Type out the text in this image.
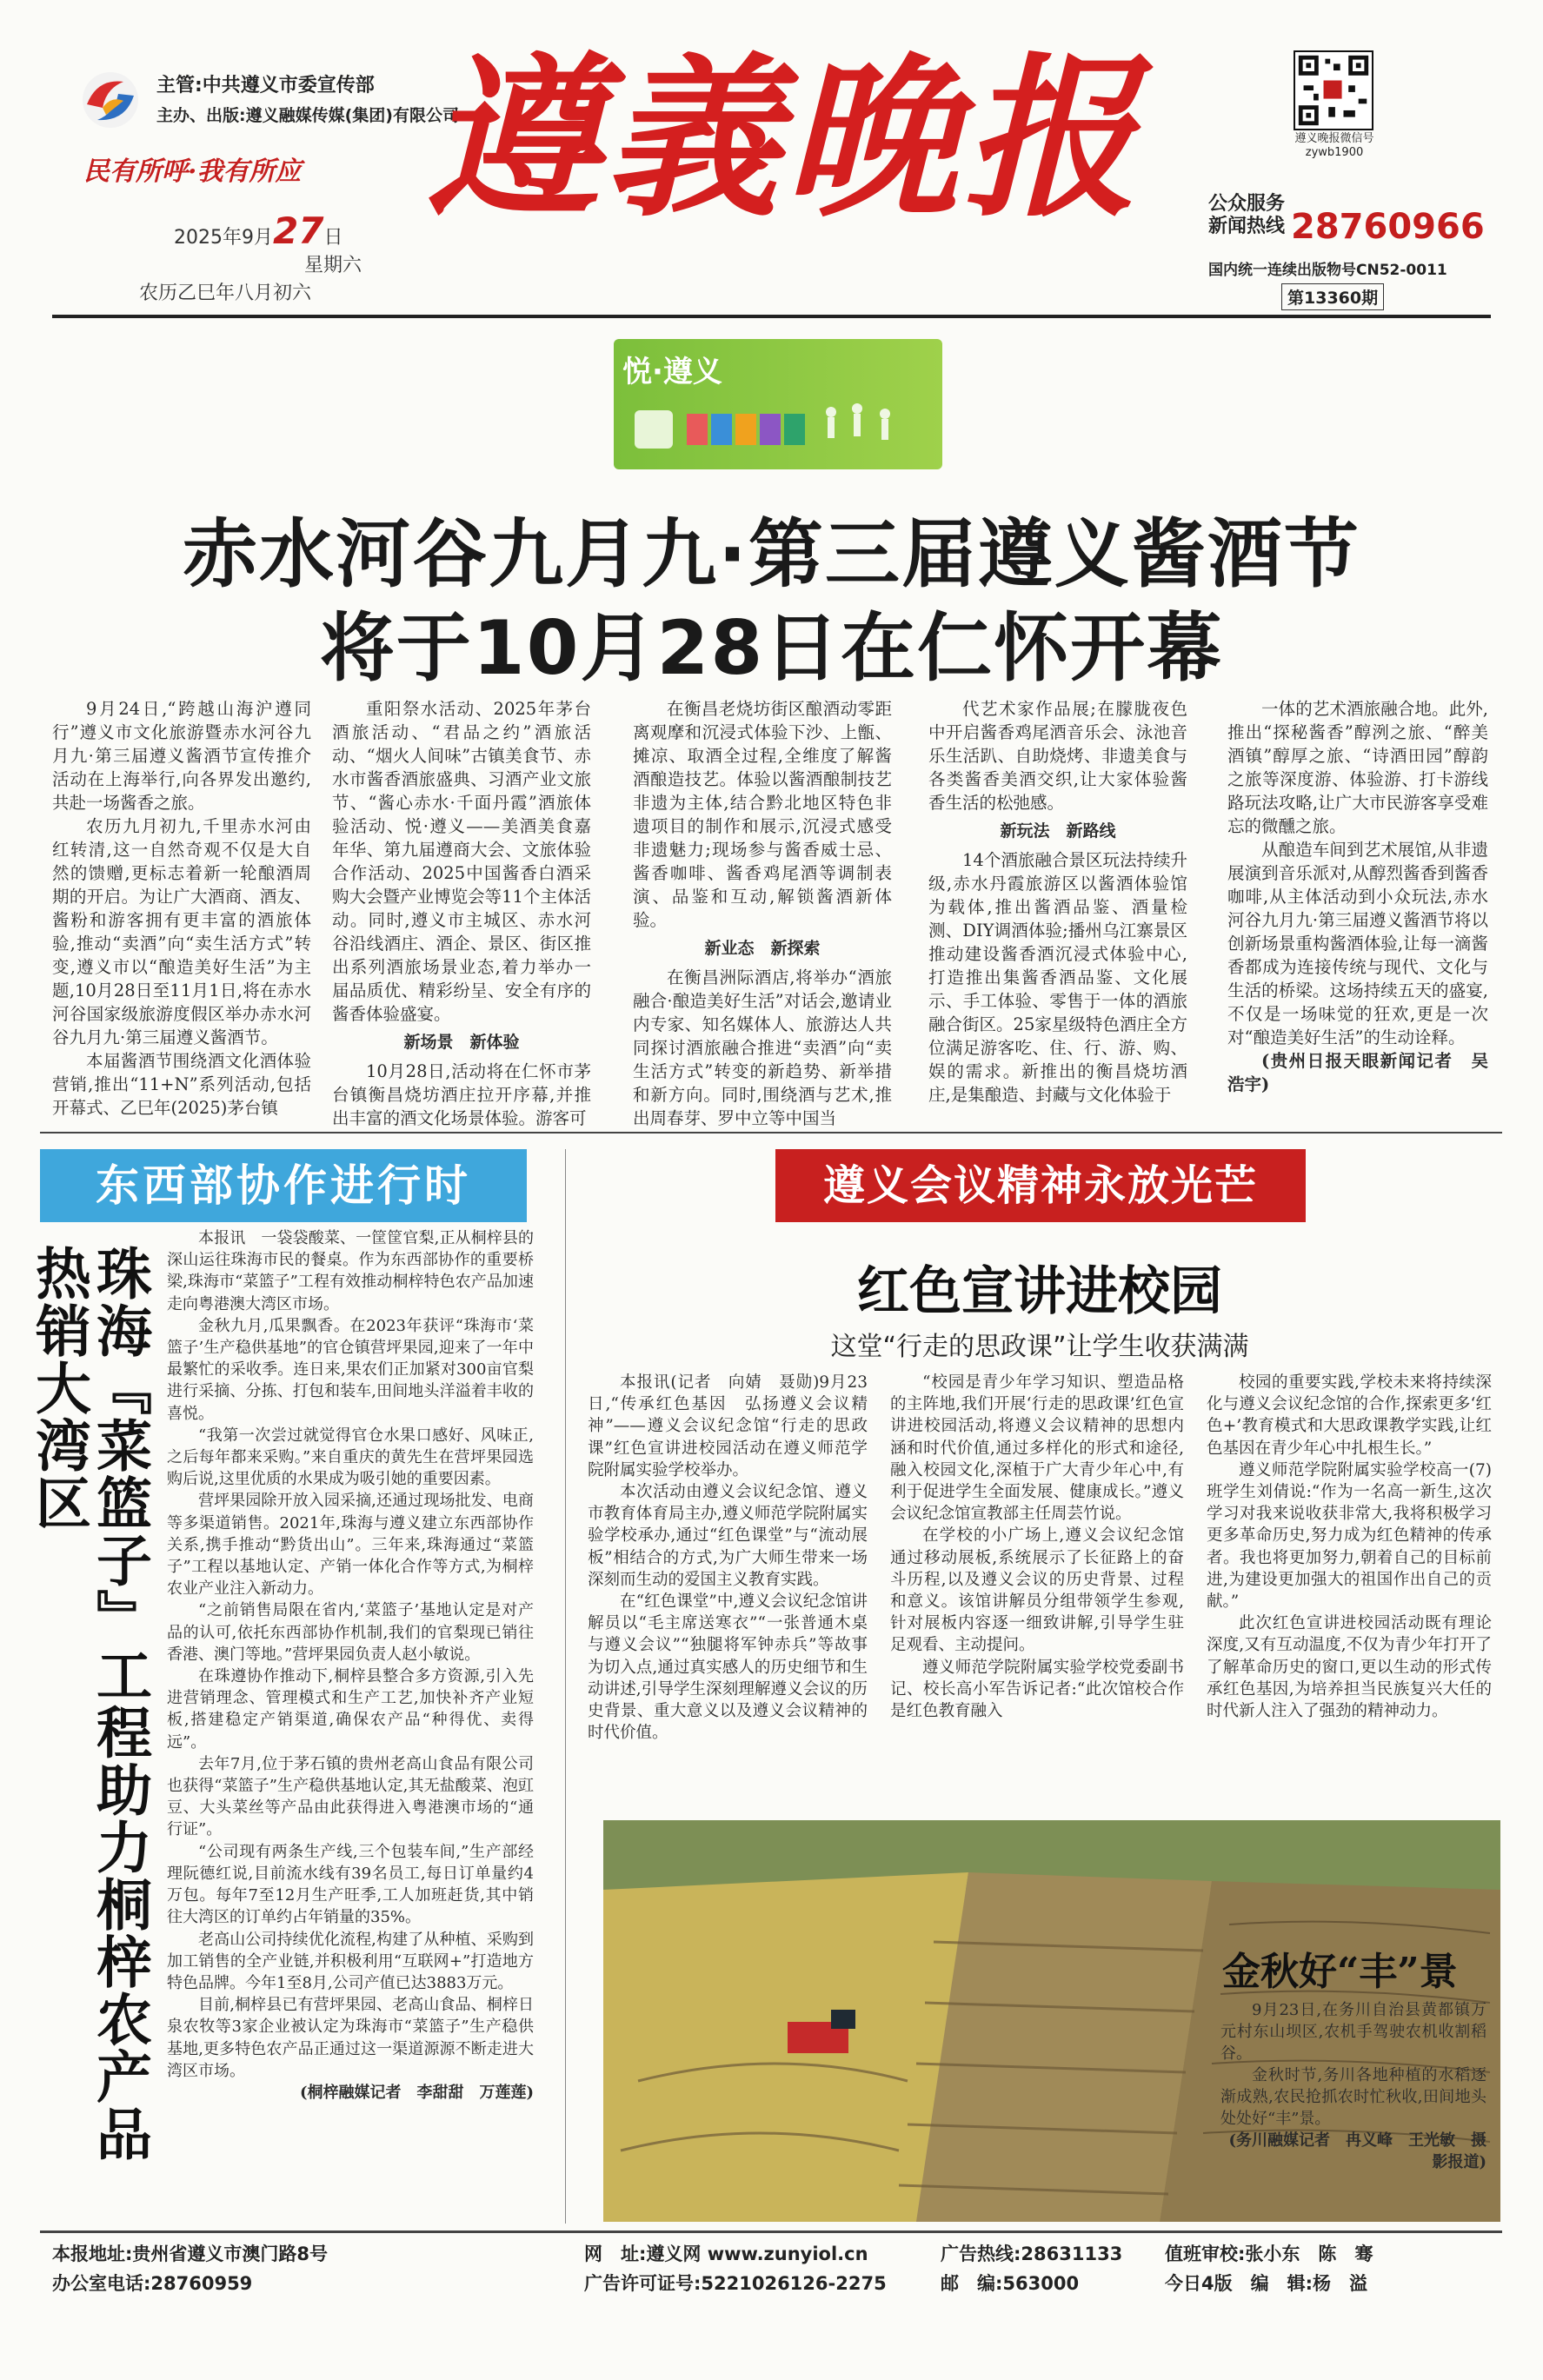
主管:中共遵义市委宣传部
主办、出版:遵义融媒传媒(集团)有限公司
民有所呼·我有所应
2025年9月27日
星期六
农历乙巳年八月初六
遵義晚报	遵义晚报微信号
zywb1900
公众服务
新闻热线 28760966
国内统一连续出版物号CN52-0011
第13360期
悦·遵义
赤水河谷九月九·第三届遵义酱酒节
将于10月28日在仁怀开幕

9月24日,“跨越山海沪遵同行”遵义市文化旅游暨赤水河谷九月九·第三届遵义酱酒节宣传推介活动在上海举行,向各界发出邀约,共赴一场酱香之旅。

农历九月初九,千里赤水河由红转清,这一自然奇观不仅是大自然的馈赠,更标志着新一轮酿酒周期的开启。为让广大酒商、酒友、酱粉和游客拥有更丰富的酒旅体验,推动“卖酒”向“卖生活方式”转变,遵义市以“酿造美好生活”为主题,10月28日至11月1日,将在赤水河谷国家级旅游度假区举办赤水河谷九月九·第三届遵义酱酒节。

本届酱酒节围绕酒文化酒体验营销,推出“11+N”系列活动,包括开幕式、乙巳年(2025)茅台镇

重阳祭水活动、2025年茅台酒旅活动、“君品之约”酒旅活动、“烟火人间味”古镇美食节、赤水市酱香酒旅盛典、习酒产业文旅节、“酱心赤水·千面丹霞”酒旅体验活动、悦·遵义——美酒美食嘉年华、第九届遵商大会、文旅体验合作活动、2025中国酱香白酒采购大会暨产业博览会等11个主体活动。同时,遵义市主城区、赤水河谷沿线酒庄、酒企、景区、街区推出系列酒旅场景业态,着力举办一届品质优、精彩纷呈、安全有序的酱香体验盛宴。

新场景　新体验

10月28日,活动将在仁怀市茅台镇衡昌烧坊酒庄拉开序幕,并推出丰富的酒文化场景体验。游客可

在衡昌老烧坊街区酿酒动零距离观摩和沉浸式体验下沙、上甑、摊凉、取酒全过程,全维度了解酱酒酿造技艺。体验以酱酒酿制技艺非遗为主体,结合黔北地区特色非遗项目的制作和展示,沉浸式感受非遗魅力;现场参与酱香威士忌、酱香咖啡、酱香鸡尾酒等调制表演、品鉴和互动,解锁酱酒新体验。

新业态　新探索

在衡昌洲际酒店,将举办“酒旅融合·酿造美好生活”对话会,邀请业内专家、知名媒体人、旅游达人共同探讨酒旅融合推进“卖酒”向“卖生活方式”转变的新趋势、新举措和新方向。同时,围绕酒与艺术,推出周春芽、罗中立等中国当

代艺术家作品展;在朦胧夜色中开启酱香鸡尾酒音乐会、泳池音乐生活趴、自助烧烤、非遗美食与各类酱香美酒交织,让大家体验酱香生活的松弛感。

新玩法　新路线

14个酒旅融合景区玩法持续升级,赤水丹霞旅游区以酱酒体验馆为载体,推出酱酒品鉴、酒量检测、DIY调酒体验;播州乌江寨景区推动建设酱香酒沉浸式体验中心,打造推出集酱香酒品鉴、文化展示、手工体验、零售于一体的酒旅融合街区。25家星级特色酒庄全方位满足游客吃、住、行、游、购、娱的需求。新推出的衡昌烧坊酒庄,是集酿造、封藏与文化体验于

一体的艺术酒旅融合地。此外,推出“探秘酱香”醇洌之旅、“醉美酒镇”醇厚之旅、“诗酒田园”醇韵之旅等深度游、体验游、打卡游线路玩法攻略,让广大市民游客享受难忘的微醺之旅。

从酿造车间到艺术展馆,从非遗展演到音乐派对,从醇烈酱香到酱香咖啡,从主体活动到小众玩法,赤水河谷九月九·第三届遵义酱酒节将以创新场景重构酱酒体验,让每一滴酱香都成为连接传统与现代、文化与生活的桥梁。这场持续五天的盛宴,不仅是一场味觉的狂欢,更是一次对“酿造美好生活”的生动诠释。

(贵州日报天眼新闻记者　吴浩宇)

东西部协作进行时
珠海『菜篮子』工程助力桐梓农产品热销大湾区

本报讯　一袋袋酸菜、一筐筐官梨,正从桐梓县的深山运往珠海市民的餐桌。作为东西部协作的重要桥梁,珠海市“菜篮子”工程有效推动桐梓特色农产品加速走向粤港澳大湾区市场。

金秋九月,瓜果飘香。在2023年获评“珠海市‘菜篮子’生产稳供基地”的官仓镇营坪果园,迎来了一年中最繁忙的采收季。连日来,果农们正加紧对300亩官梨进行采摘、分拣、打包和装车,田间地头洋溢着丰收的喜悦。

“我第一次尝过就觉得官仓水果口感好、风味正,之后每年都来采购。”来自重庆的黄先生在营坪果园选购后说,这里优质的水果成为吸引她的重要因素。

营坪果园除开放入园采摘,还通过现场批发、电商等多渠道销售。2021年,珠海与遵义建立东西部协作关系,携手推动“黔货出山”。三年来,珠海通过“菜篮子”工程以基地认定、产销一体化合作等方式,为桐梓农业产业注入新动力。

“之前销售局限在省内,‘菜篮子’基地认定是对产品的认可,依托东西部协作机制,我们的官梨现已销往香港、澳门等地。”营坪果园负责人赵小敏说。

在珠遵协作推动下,桐梓县整合多方资源,引入先进营销理念、管理模式和生产工艺,加快补齐产业短板,搭建稳定产销渠道,确保农产品“种得优、卖得远”。

去年7月,位于茅石镇的贵州老高山食品有限公司也获得“菜篮子”生产稳供基地认定,其无盐酸菜、泡豇豆、大头菜丝等产品由此获得进入粤港澳市场的“通行证”。

“公司现有两条生产线,三个包装车间,”生产部经理阮德红说,目前流水线有39名员工,每日订单量约4万包。每年7至12月生产旺季,工人加班赶货,其中销往大湾区的订单约占年销量的35%。

老高山公司持续优化流程,构建了从种植、采购到加工销售的全产业链,并积极利用“互联网+”打造地方特色品牌。今年1至8月,公司产值已达3883万元。

目前,桐梓县已有营坪果园、老高山食品、桐梓日泉农牧等3家企业被认定为珠海市“菜篮子”生产稳供基地,更多特色农产品正通过这一渠道源源不断走进大湾区市场。

(桐梓融媒记者　李甜甜　万莲莲)

遵义会议精神永放光芒
红色宣讲进校园
这堂“行走的思政课”让学生收获满满

本报讯(记者　向婧　聂勋)9月23日,“传承红色基因　弘扬遵义会议精神”——遵义会议纪念馆“行走的思政课”红色宣讲进校园活动在遵义师范学院附属实验学校举办。

本次活动由遵义会议纪念馆、遵义市教育体育局主办,遵义师范学院附属实验学校承办,通过“红色课堂”与“流动展板”相结合的方式,为广大师生带来一场深刻而生动的爱国主义教育实践。

在“红色课堂”中,遵义会议纪念馆讲解员以“毛主席送寒衣”“一张普通木桌与遵义会议”“独腿将军钟赤兵”等故事为切入点,通过真实感人的历史细节和生动讲述,引导学生深刻理解遵义会议的历史背景、重大意义以及遵义会议精神的时代价值。

“校园是青少年学习知识、塑造品格的主阵地,我们开展‘行走的思政课’红色宣讲进校园活动,将遵义会议精神的思想内涵和时代价值,通过多样化的形式和途径,融入校园文化,深植于广大青少年心中,有利于促进学生全面发展、健康成长。”遵义会议纪念馆宣教部主任周芸竹说。

在学校的小广场上,遵义会议纪念馆通过移动展板,系统展示了长征路上的奋斗历程,以及遵义会议的历史背景、过程和意义。该馆讲解员分组带领学生参观,针对展板内容逐一细致讲解,引导学生驻足观看、主动提问。

遵义师范学院附属实验学校党委副书记、校长高小军告诉记者:“此次馆校合作是红色教育融入

校园的重要实践,学校未来将持续深化与遵义会议纪念馆的合作,探索更多‘红色+’教育模式和大思政课教学实践,让红色基因在青少年心中扎根生长。”

遵义师范学院附属实验学校高一(7)班学生刘倩说:“作为一名高一新生,这次学习对我来说收获非常大,我将积极学习更多革命历史,努力成为红色精神的传承者。我也将更加努力,朝着自己的目标前进,为建设更加强大的祖国作出自己的贡献。”

此次红色宣讲进校园活动既有理论深度,又有互动温度,不仅为青少年打开了了解革命历史的窗口,更以生动的形式传承红色基因,为培养担当民族复兴大任的时代新人注入了强劲的精神动力。

金秋好“丰”景

9月23日,在务川自治县黄都镇万元村东山坝区,农机手驾驶农机收割稻谷。

金秋时节,务川各地种植的水稻逐渐成熟,农民抢抓农时忙秋收,田间地头处处好“丰”景。

(务川融媒记者　冉义峰　王光敏　摄影报道)

本报地址:贵州省遵义市澳门路8号
办公室电话:28760959
网　址:遵义网 www.zunyiol.cn
广告许可证号:5221026126-2275
广告热线:28631133
邮　编:563000
值班审校:张小东　陈　骞
今日4版　编　辑:杨　溢
